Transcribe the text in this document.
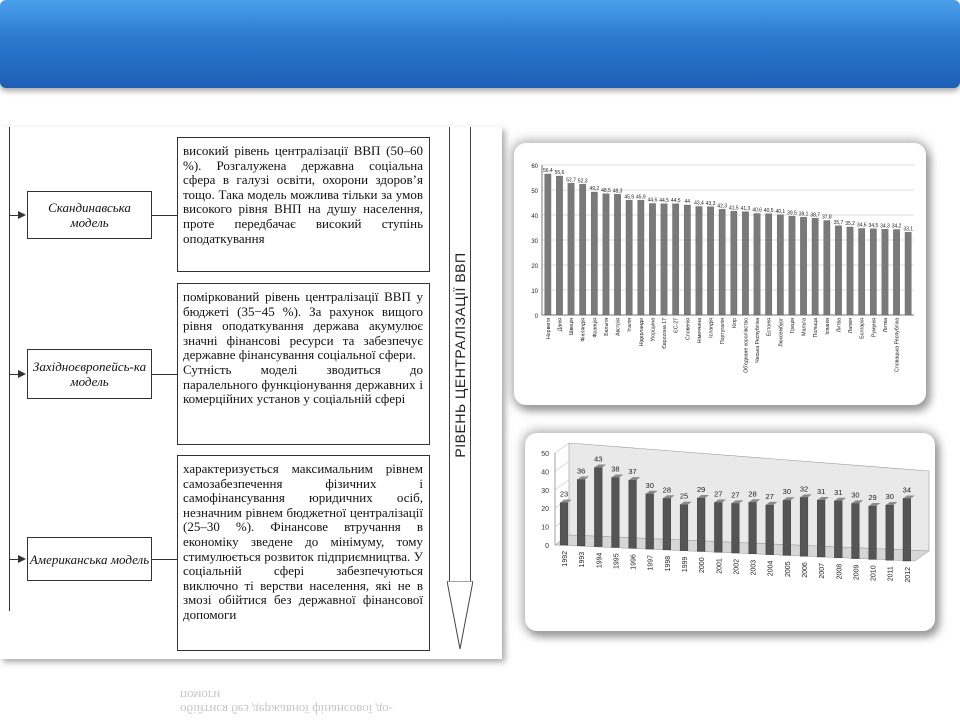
Скандинавська модель

високий рівень централізації ВВП (50–60 %). Розгалужена державна соціальна сфера в галузі освіти, охорони здоров’я тощо. Така модель можлива тільки за умов високого рівня ВНП на душу населення, проте передбачає високий ступінь оподаткування

Західноєвропейсь-ка модель

поміркований рівень централізації ВВП у бюджеті (35−45 %). За рахунок вищого рівня оподаткування держава акумулює значні фінансові ресурси та забезпечує державне фінансування соціальної сфери.

Сутність моделі зводиться до паралельного функціонування державних і комерційних установ у соціальній сфері

Американська модель

характеризується максимальним рівнем самозабезпечення фізичних і самофінансування юридичних осіб, незначним рівнем бюджетної централізації (25–30 %). Фінансове втручання в економіку зведене до мінімуму, тому стимулюється розвиток підприємництва. У соціальній сфері забезпечуються виключно ті верстви населення, які не в змозі обійтися без державної фінансової допомоги

РІВЕНЬ ЦЕНТРАЛІЗАЦІЇ ВВП
обійтися без державної фінансової до-
помоги
0
10
20
30
40
50
60
56,4
Норвегія
55,6
Данія
52,7
Швеція
52,3
Фінляндія
49,2
Франція
48,5
Бельгія
48,3
Австрія
45,9
Італія
45,9
Нідерланди
44,6
Угорщина
44,5
Євроzона 17
44,5
ЄС-27
44
Словенія
43,4
Німеччина
43,3
Ісландія
42,3
Португалія
41,5
Кіпр
41,3
Об'єднане королівство
40,6
Чеська Республіка
40,5
Естонія
40,1
Люксембург
39,5
Греція
39,1
Мальта
38,7
Польща
37,8
Іспанія
35,7
Литва
35,2
Латвія
34,6
Болгарія
34,5
Румунія
34,3
Литва
34,2
Словацька Республіка
33,1
0
10
20
30
40
50
23
1992
36
1993
43
1994
38
1995
37
1996
30
1997
28
1998
25
1999
29
2000
27
2001
27
2002
28
2003
27
2004
30
2005
32
2006
31
2007
31
2008
30
2009
29
2010
30
2011
34
2012
